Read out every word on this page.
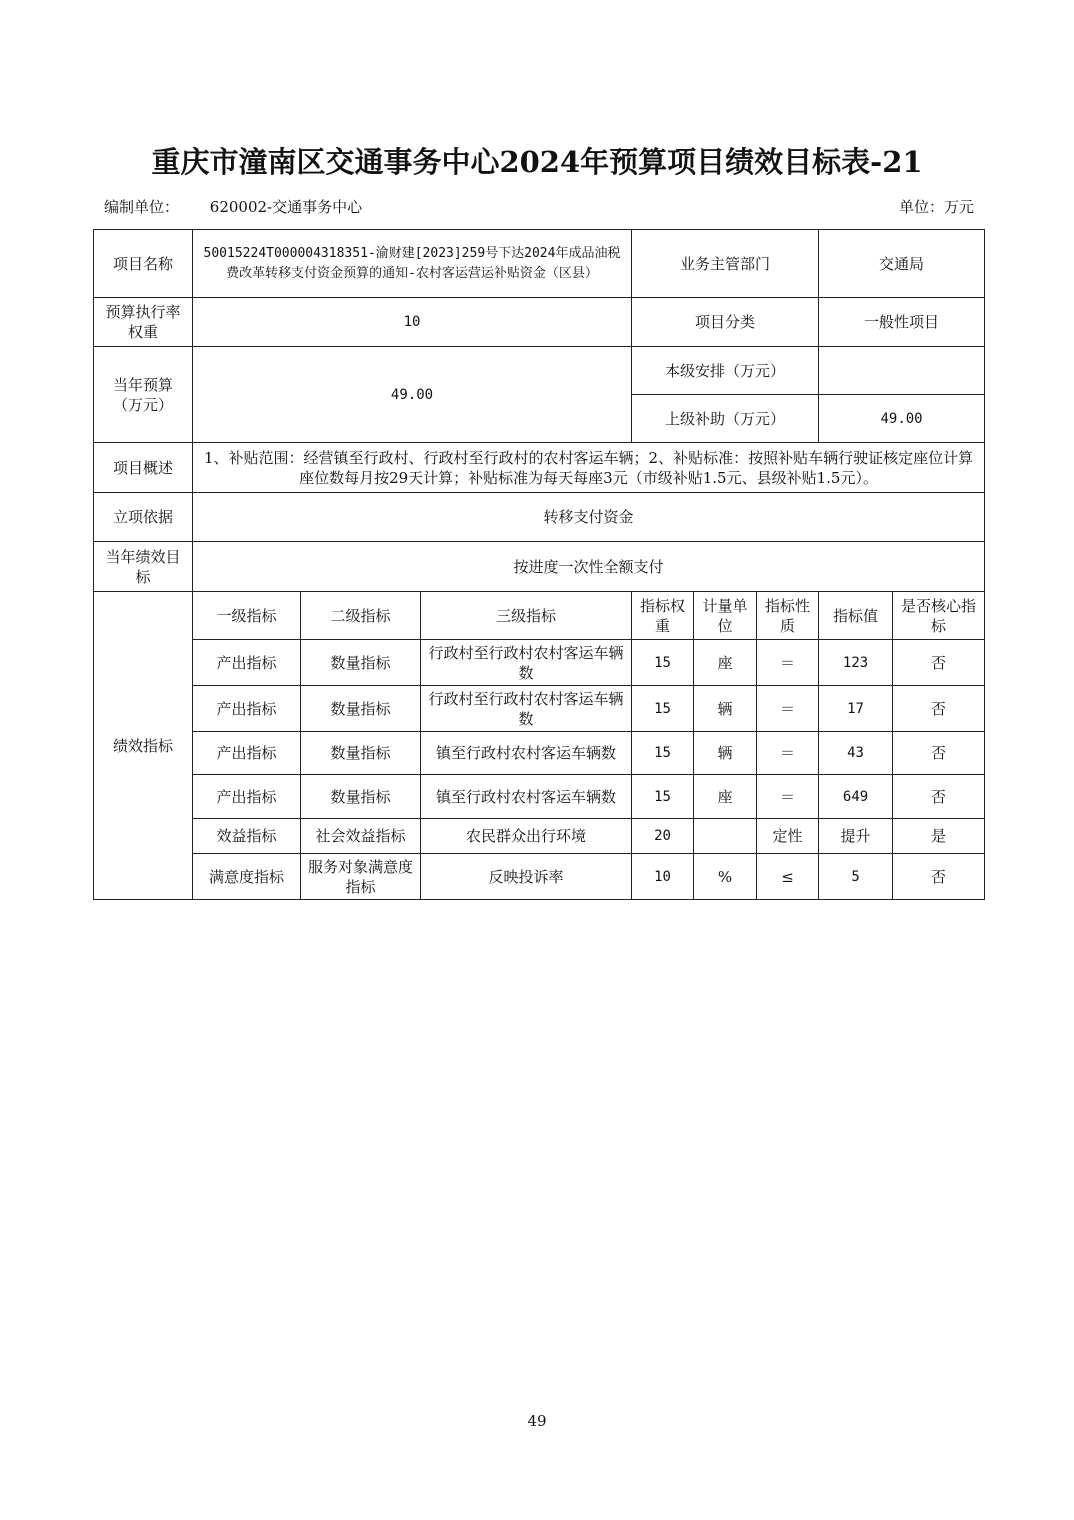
重庆市潼南区交通事务中心2024年预算项目绩效目标表-21
编制单位： 620002-交通事务中心	单位：万元
项目名称	50015224T000004318351-渝财建[2023]259号下达2024年成品油税费改革转移支付资金预算的通知-农村客运营运补贴资金（区县）			业务主管部门			交通局	
预算执行率权重	10			项目分类			一般性项目	
当年预算（万元）	49.00			本级安排（万元）				
				上级补助（万元）			49.00	
项目概述	1、补贴范围：经营镇至行政村、行政村至行政村的农村客运车辆；2、补贴标准：按照补贴车辆行驶证核定座位计算座位数每月按29天计算；补贴标准为每天每座3元（市级补贴1.5元、县级补贴1.5元）。							
立项依据	转移支付资金							
当年绩效目标	按进度一次性全额支付							
绩效指标	一级指标	二级指标	三级指标	指标权重	计量单位	指标性质	指标值	是否核心指标
	产出指标	数量指标	行政村至行政村农村客运车辆数	15	座	＝	123	否
	产出指标	数量指标	行政村至行政村农村客运车辆数	15	辆	＝	17	否
	产出指标	数量指标	镇至行政村农村客运车辆数	15	辆	＝	43	否
	产出指标	数量指标	镇至行政村农村客运车辆数	15	座	＝	649	否
	效益指标	社会效益指标	农民群众出行环境	20		定性	提升	是
	满意度指标	服务对象满意度指标	反映投诉率	10	%	≤	5	否
49
